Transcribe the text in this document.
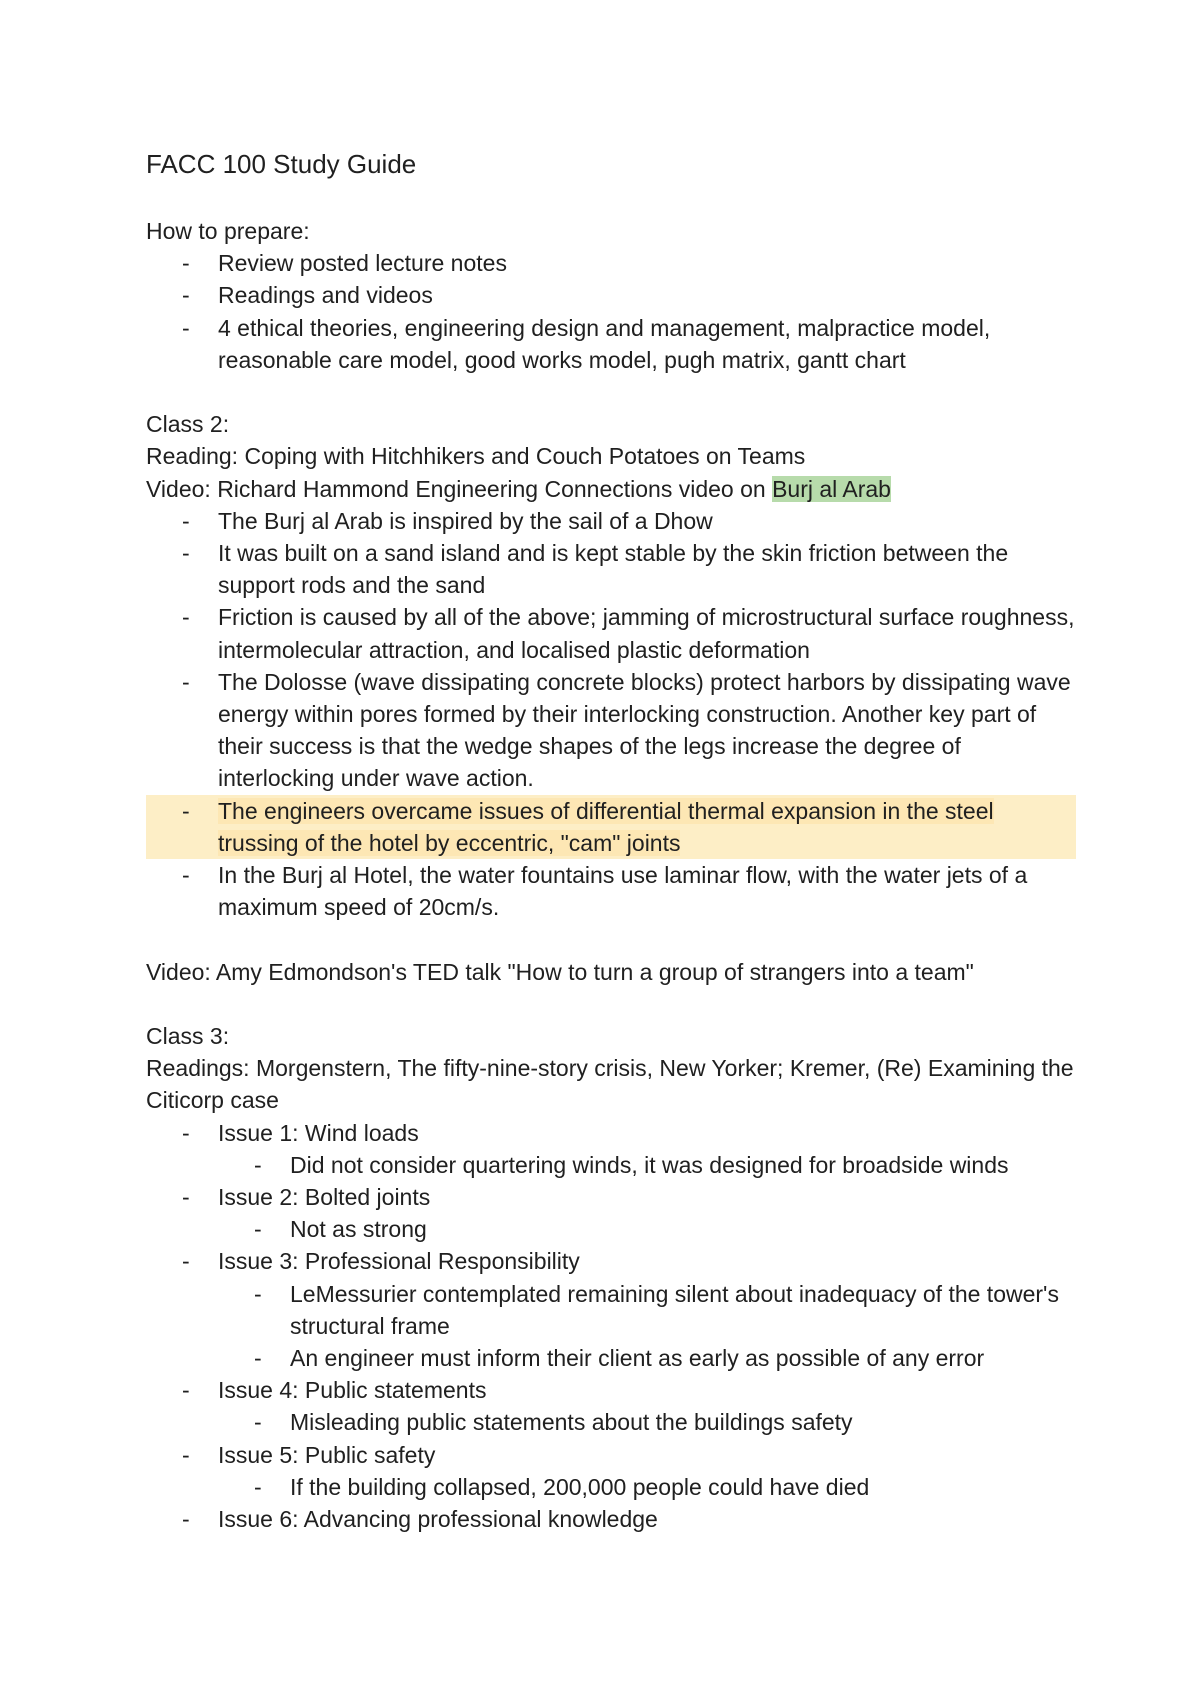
FACC 100 Study Guide
How to prepare:
-	Review posted lecture notes
-	Readings and videos
-	4 ethical theories, engineering design and management, malpractice model, reasonable care model, good works model, pugh matrix, gantt chart
Class 2:
Reading: Coping with Hitchhikers and Couch Potatoes on Teams
Video: Richard Hammond Engineering Connections video on Burj al Arab
-	The Burj al Arab is inspired by the sail of a Dhow
-	It was built on a sand island and is kept stable by the skin friction between the support rods and the sand
-	Friction is caused by all of the above; jamming of microstructural surface roughness, intermolecular attraction, and localised plastic deformation
-	The Dolosse (wave dissipating concrete blocks) protect harbors by dissipating wave energy within pores formed by their interlocking construction. Another key part of their success is that the wedge shapes of the legs increase the degree of interlocking under wave action.
-	The engineers overcame issues of differential thermal expansion in the steel trussing of the hotel by eccentric, "cam" joints
-	In the Burj al Hotel, the water fountains use laminar flow, with the water jets of a maximum speed of 20cm/s.
Video: Amy Edmondson's TED talk "How to turn a group of strangers into a team"
Class 3:
Readings: Morgenstern, The fifty-nine-story crisis, New Yorker; Kremer, (Re) Examining the Citicorp case
-	Issue 1: Wind loads
-	Did not consider quartering winds, it was designed for broadside winds
-	Issue 2: Bolted joints
-	Not as strong
-	Issue 3: Professional Responsibility
-	LeMessurier contemplated remaining silent about inadequacy of the tower's structural frame
-	An engineer must inform their client as early as possible of any error
-	Issue 4: Public statements
-	Misleading public statements about the buildings safety
-	Issue 5: Public safety
-	If the building collapsed, 200,000 people could have died
-	Issue 6: Advancing professional knowledge
